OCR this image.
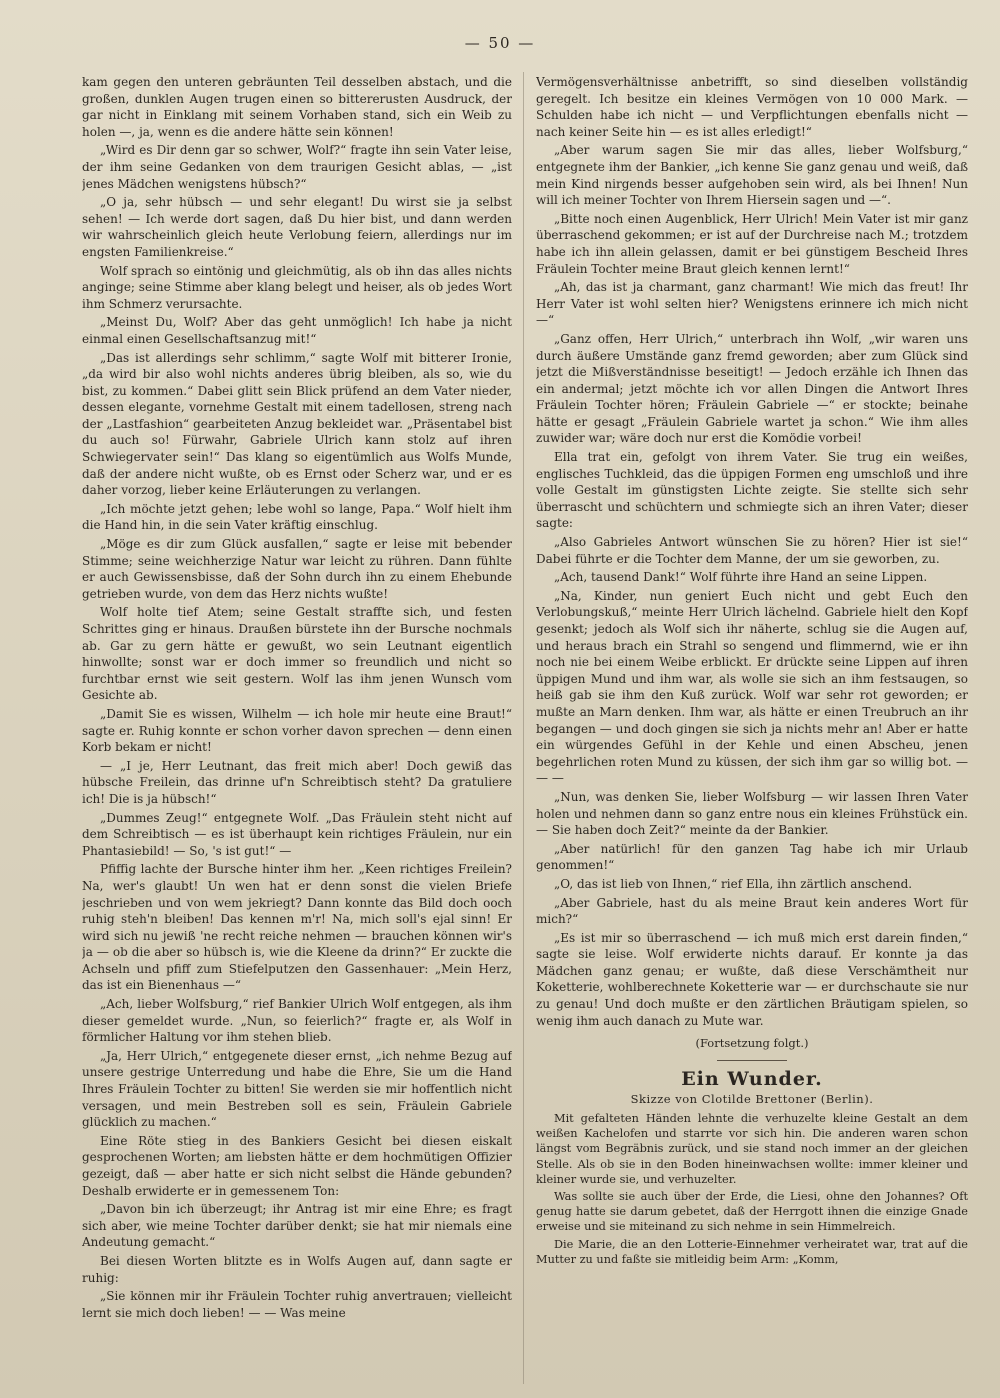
— 50 —

kam gegen den unteren gebräunten Teil desselben abstach, und die großen, dunklen Augen trugen einen so bittererusten Ausdruck, der gar nicht in Einklang mit seinem Vorhaben stand, sich ein Weib zu holen —, ja, wenn es die andere hätte sein können!

„Wird es Dir denn gar so schwer, Wolf?“ fragte ihn sein Vater leise, der ihm seine Gedanken von dem traurigen Gesicht ablas, — „ist jenes Mädchen wenigstens hübsch?“

„O ja, sehr hübsch — und sehr elegant! Du wirst sie ja selbst sehen! — Ich werde dort sagen, daß Du hier bist, und dann werden wir wahrscheinlich gleich heute Verlobung feiern, allerdings nur im engsten Familienkreise.“

Wolf sprach so eintönig und gleichmütig, als ob ihn das alles nichts anginge; seine Stimme aber klang belegt und heiser, als ob jedes Wort ihm Schmerz verursachte.

„Meinst Du, Wolf? Aber das geht unmöglich! Ich habe ja nicht einmal einen Gesellschaftsanzug mit!“

„Das ist allerdings sehr schlimm,“ sagte Wolf mit bitterer Ironie, „da wird bir also wohl nichts anderes übrig bleiben, als so, wie du bist, zu kommen.“ Dabei glitt sein Blick prüfend an dem Vater nieder, dessen elegante, vornehme Gestalt mit einem tadellosen, streng nach der „Lastfashion“ gearbeiteten Anzug bekleidet war. „Präsentabel bist du auch so! Fürwahr, Gabriele Ulrich kann stolz auf ihren Schwiegervater sein!“ Das klang so eigentümlich aus Wolfs Munde, daß der andere nicht wußte, ob es Ernst oder Scherz war, und er es daher vorzog, lieber keine Erläuterungen zu verlangen.

„Ich möchte jetzt gehen; lebe wohl so lange, Papa.“ Wolf hielt ihm die Hand hin, in die sein Vater kräftig einschlug.

„Möge es dir zum Glück ausfallen,“ sagte er leise mit bebender Stimme; seine weichherzige Natur war leicht zu rühren. Dann fühlte er auch Gewissensbisse, daß der Sohn durch ihn zu einem Ehebunde getrieben wurde, von dem das Herz nichts wußte!

Wolf holte tief Atem; seine Gestalt straffte sich, und festen Schrittes ging er hinaus. Draußen bürstete ihn der Bursche nochmals ab. Gar zu gern hätte er gewußt, wo sein Leutnant eigentlich hinwollte; sonst war er doch immer so freundlich und nicht so furchtbar ernst wie seit gestern. Wolf las ihm jenen Wunsch vom Gesichte ab.

„Damit Sie es wissen, Wilhelm — ich hole mir heute eine Braut!“ sagte er. Ruhig konnte er schon vorher davon sprechen — denn einen Korb bekam er nicht!

— „I je, Herr Leutnant, das freit mich aber! Doch gewiß das hübsche Freilein, das drinne uf'n Schreibtisch steht? Da gratuliere ich! Die is ja hübsch!“

„Dummes Zeug!“ entgegnete Wolf. „Das Fräulein steht nicht auf dem Schreibtisch — es ist überhaupt kein richtiges Fräulein, nur ein Phantasiebild! — So, 's ist gut!“ —

Pfiffig lachte der Bursche hinter ihm her. „Keen richtiges Freilein? Na, wer's glaubt! Un wen hat er denn sonst die vielen Briefe jeschrieben und von wem jekriegt? Dann konnte das Bild doch ooch ruhig steh'n bleiben! Das kennen m'r! Na, mich soll's ejal sinn! Er wird sich nu jewiß 'ne recht reiche nehmen — brauchen können wir's ja — ob die aber so hübsch is, wie die Kleene da drinn?“ Er zuckte die Achseln und pfiff zum Stiefelputzen den Gassenhauer: „Mein Herz, das ist ein Bienenhaus —“

„Ach, lieber Wolfsburg,“ rief Bankier Ulrich Wolf entgegen, als ihm dieser gemeldet wurde. „Nun, so feierlich?“ fragte er, als Wolf in förmlicher Haltung vor ihm stehen blieb.

„Ja, Herr Ulrich,“ entgegenete dieser ernst, „ich nehme Bezug auf unsere gestrige Unterredung und habe die Ehre, Sie um die Hand Ihres Fräulein Tochter zu bitten! Sie werden sie mir hoffentlich nicht versagen, und mein Bestreben soll es sein, Fräulein Gabriele glücklich zu machen.“

Eine Röte stieg in des Bankiers Gesicht bei diesen eiskalt gesprochenen Worten; am liebsten hätte er dem hochmütigen Offizier gezeigt, daß — aber hatte er sich nicht selbst die Hände gebunden? Deshalb erwiderte er in gemessenem Ton:

„Davon bin ich überzeugt; ihr Antrag ist mir eine Ehre; es fragt sich aber, wie meine Tochter darüber denkt; sie hat mir niemals eine Andeutung gemacht.“

Bei diesen Worten blitzte es in Wolfs Augen auf, dann sagte er ruhig:

„Sie können mir ihr Fräulein Tochter ruhig anvertrauen; vielleicht lernt sie mich doch lieben! — — Was meine

Vermögensverhältnisse anbetrifft, so sind dieselben vollständig geregelt. Ich besitze ein kleines Vermögen von 10 000 Mark. — Schulden habe ich nicht — und Verpflichtungen ebenfalls nicht — nach keiner Seite hin — es ist alles erledigt!“

„Aber warum sagen Sie mir das alles, lieber Wolfsburg,“ entgegnete ihm der Bankier, „ich kenne Sie ganz genau und weiß, daß mein Kind nirgends besser aufgehoben sein wird, als bei Ihnen! Nun will ich meiner Tochter von Ihrem Hiersein sagen und —“.

„Bitte noch einen Augenblick, Herr Ulrich! Mein Vater ist mir ganz überraschend gekommen; er ist auf der Durchreise nach M.; trotzdem habe ich ihn allein gelassen, damit er bei günstigem Bescheid Ihres Fräulein Tochter meine Braut gleich kennen lernt!“

„Ah, das ist ja charmant, ganz charmant! Wie mich das freut! Ihr Herr Vater ist wohl selten hier? Wenigstens erinnere ich mich nicht —“

„Ganz offen, Herr Ulrich,“ unterbrach ihn Wolf, „wir waren uns durch äußere Umstände ganz fremd geworden; aber zum Glück sind jetzt die Mißverständnisse beseitigt! — Jedoch erzähle ich Ihnen das ein andermal; jetzt möchte ich vor allen Dingen die Antwort Ihres Fräulein Tochter hören; Fräulein Gabriele —“ er stockte; beinahe hätte er gesagt „Fräulein Gabriele wartet ja schon.“ Wie ihm alles zuwider war; wäre doch nur erst die Komödie vorbei!

Ella trat ein, gefolgt von ihrem Vater. Sie trug ein weißes, englisches Tuchkleid, das die üppigen Formen eng umschloß und ihre volle Gestalt im günstigsten Lichte zeigte. Sie stellte sich sehr überrascht und schüchtern und schmiegte sich an ihren Vater; dieser sagte:

„Also Gabrieles Antwort wünschen Sie zu hören? Hier ist sie!“ Dabei führte er die Tochter dem Manne, der um sie geworben, zu.

„Ach, tausend Dank!“ Wolf führte ihre Hand an seine Lippen.

„Na, Kinder, nun geniert Euch nicht und gebt Euch den Verlobungskuß,“ meinte Herr Ulrich lächelnd. Gabriele hielt den Kopf gesenkt; jedoch als Wolf sich ihr näherte, schlug sie die Augen auf, und heraus brach ein Strahl so sengend und flimmernd, wie er ihn noch nie bei einem Weibe erblickt. Er drückte seine Lippen auf ihren üppigen Mund und ihm war, als wolle sie sich an ihm festsaugen, so heiß gab sie ihm den Kuß zurück. Wolf war sehr rot geworden; er mußte an Marn denken. Ihm war, als hätte er einen Treubruch an ihr begangen — und doch gingen sie sich ja nichts mehr an! Aber er hatte ein würgendes Gefühl in der Kehle und einen Abscheu, jenen begehrlichen roten Mund zu küssen, der sich ihm gar so willig bot. — — —

„Nun, was denken Sie, lieber Wolfsburg — wir lassen Ihren Vater holen und nehmen dann so ganz entre nous ein kleines Frühstück ein. — Sie haben doch Zeit?“ meinte da der Bankier.

„Aber natürlich! für den ganzen Tag habe ich mir Urlaub genommen!“

„O, das ist lieb von Ihnen,“ rief Ella, ihn zärtlich anschend.

„Aber Gabriele, hast du als meine Braut kein anderes Wort für mich?“

„Es ist mir so überraschend — ich muß mich erst darein finden,“ sagte sie leise. Wolf erwiderte nichts darauf. Er konnte ja das Mädchen ganz genau; er wußte, daß diese Verschämtheit nur Koketterie, wohlberechnete Koketterie war — er durchschaute sie nur zu genau! Und doch mußte er den zärtlichen Bräutigam spielen, so wenig ihm auch danach zu Mute war.

(Fortsetzung folgt.)
Ein Wunder.
Skizze von Clotilde Brettoner (Berlin).

Mit gefalteten Händen lehnte die verhuzelte kleine Gestalt an dem weißen Kachelofen und starrte vor sich hin. Die anderen waren schon längst vom Begräbnis zurück, und sie stand noch immer an der gleichen Stelle. Als ob sie in den Boden hineinwachsen wollte: immer kleiner und kleiner wurde sie, und verhuzelter.

Was sollte sie auch über der Erde, die Liesi, ohne den Johannes? Oft genug hatte sie darum gebetet, daß der Herrgott ihnen die einzige Gnade erweise und sie miteinand zu sich nehme in sein Himmelreich.

Die Marie, die an den Lotterie-Einnehmer verheiratet war, trat auf die Mutter zu und faßte sie mitleidig beim Arm: „Komm,
